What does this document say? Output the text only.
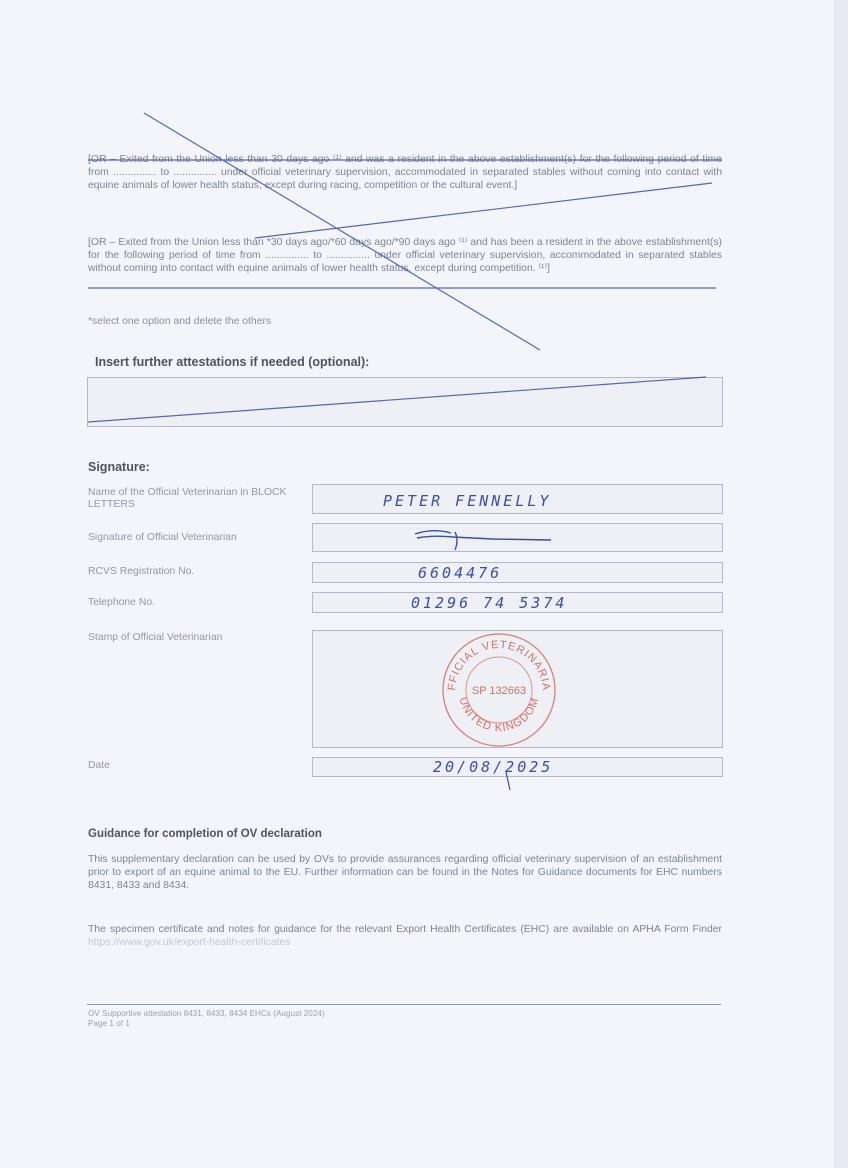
[OR – Exited from the Union less than 30 days ago ⁽¹⁾ and was a resident in the above establishment(s) for the following period of time from ............... to ............... under official veterinary supervision, accommodated in separated stables without coming into contact with equine animals of lower health status, except during racing, competition or the cultural event.]

[OR – Exited from the Union less than *30 days ago/*60 days ago/*90 days ago ⁽¹⁾ and has been a resident in the above establishment(s) for the following period of time from ............... to ............... under official veterinary supervision, accommodated in separated stables without coming into contact with equine animals of lower health status, except during competition. ⁽¹⁾]

*select one option and delete the others
Insert further attestations if needed (optional):
Signature:
Name of the Official Veterinarian in BLOCK LETTERS	PETER FENNELLY
Signature of Official Veterinarian
RCVS Registration No.	6604476
Telephone No.	01296 74 5374
Stamp of Official Veterinarian
FFICIAL VETERINARIA
UNITED KINGDOM
SP 132663
Date	20/08/2025
Guidance for completion of OV declaration

This supplementary declaration can be used by OVs to provide assurances regarding official veterinary supervision of an establishment prior to export of an equine animal to the EU. Further information can be found in the Notes for Guidance documents for EHC numbers 8431, 8433 and 8434.

The specimen certificate and notes for guidance for the relevant Export Health Certificates (EHC) are available on APHA Form Finder https://www.gov.uk/export-health-certificates

OV Supportive attestation 8431, 8433, 8434 EHCs (August 2024)
Page 1 of 1
